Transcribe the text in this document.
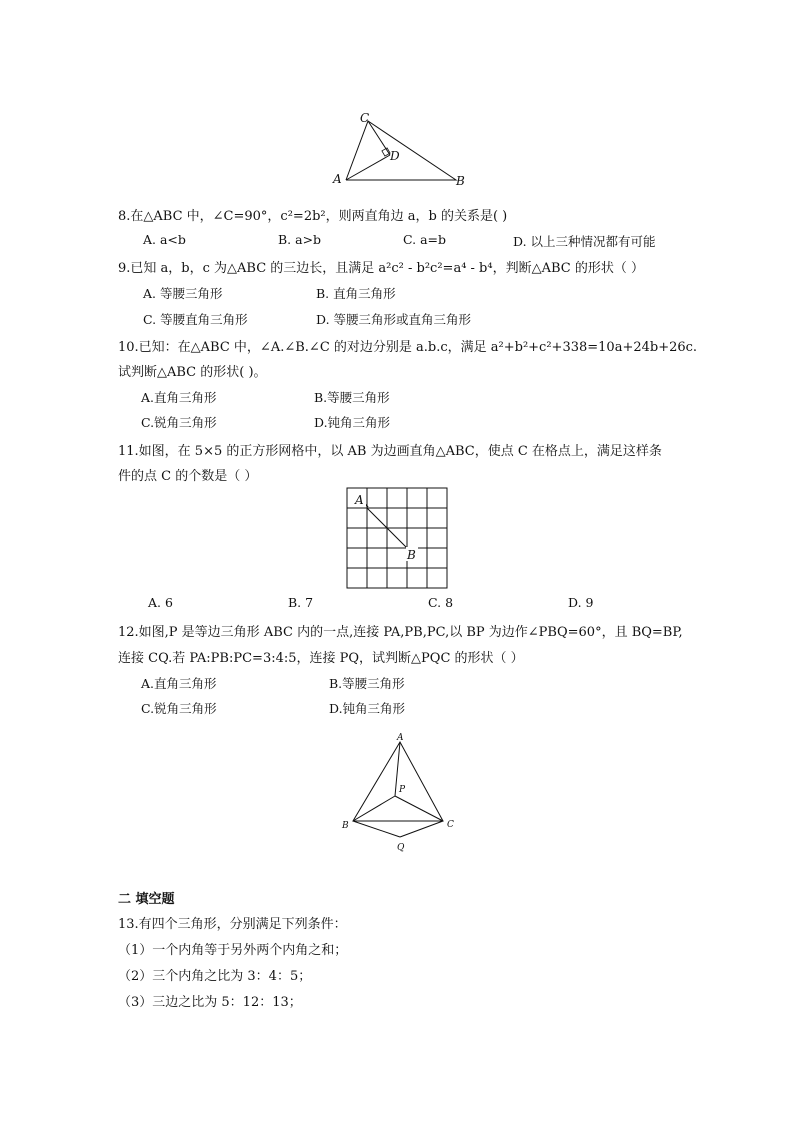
C
D
A	B
8.在△ABC 中，∠C=90°，c²=2b²，则两直角边 a，b 的关系是( )
A. a<b	B. a>b	C. a=b	D. 以上三种情况都有可能
9.已知 a，b，c 为△ABC 的三边长，且满足 a²c² - b²c²=a⁴ - b⁴，判断△ABC 的形状（ ）
A. 等腰三角形	B. 直角三角形
C. 等腰直角三角形	D. 等腰三角形或直角三角形
10.已知：在△ABC 中，∠A.∠B.∠C 的对边分别是 a.b.c，满足 a²+b²+c²+338=10a+24b+26c.
试判断△ABC 的形状( )。
A.直角三角形	B.等腰三角形
C.锐角三角形	D.钝角三角形
11.如图，在 5×5 的正方形网格中，以 AB 为边画直角△ABC，使点 C 在格点上，满足这样条
件的点 C 的个数是（ ）
A
B
A. 6	B. 7	C. 8	D. 9
12.如图,P 是等边三角形 ABC 内的一点,连接 PA,PB,PC,以 BP 为边作∠PBQ=60°，且 BQ=BP,
连接 CQ.若 PA:PB:PC=3:4:5，连接 PQ，试判断△PQC 的形状（ ）
A.直角三角形	B.等腰三角形
C.锐角三角形	D.钝角三角形
A
P
B	C
Q
二 填空题
13.有四个三角形，分别满足下列条件：
（1）一个内角等于另外两个内角之和；
（2）三个内角之比为 3：4：5；
（3）三边之比为 5：12：13；
